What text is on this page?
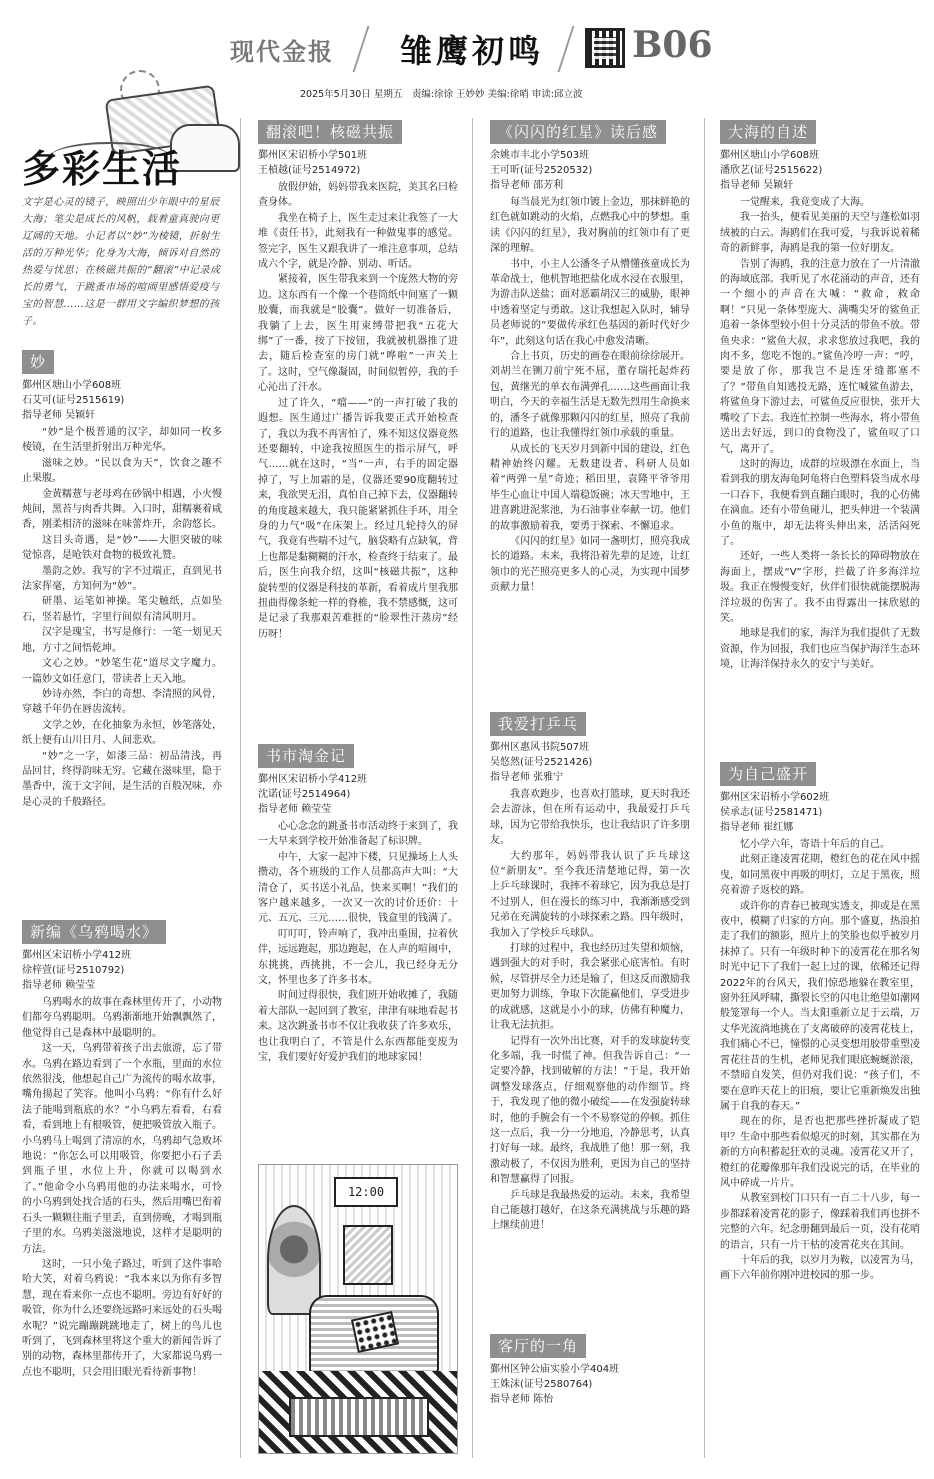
现代金报 雏鹰初鸣 B06
2025年5月30日 星期五　责编:徐徐 王妙妙 美编:徐哨 审读:邱立波
多彩生活
文字是心灵的镜子，映照出少年眼中的星辰大海；笔尖是成长的风帆，载着童真驶向更辽阔的天地。小记者以“妙”为棱镜，折射生活的万种光华；化身为大海，倾诉对自然的热爱与忧思；在核磁共振的“翻滚”中记录成长的勇气，于跳蚤市场的喧闹里感悟爱疫与宝的智慧……这是一群用文字编织梦想的孩子。
妙
鄞州区塘山小学608班
石艾可(证号2515619)
指导老师 吴颖轩

“妙”是个极普通的汉字，却如同一枚多棱镜，在生活里折射出万种光华。

滋味之妙。“民以食为天”，饮食之趣不止果腹。

金黄糯薏与老母鸡在砂锅中相遇，小火慢炖间，黑苔与肉香共舞。入口时，甜糯裹着咸香，刚柔相济的滋味在味蕾炸开，余韵悠长。

这目头奇遇，是“妙”——大胆突破的味觉惊喜，是呛铁对食物的极致礼赞。

墨韵之妙。我写的字不过端正，直到见书法家挥毫，方知何为“妙”。

研墨、运笔如神操。笔尖触纸，点如坠石，竖若悬竹，字里行间似有清风明月。

汉字是瑰宝，书写是修行：一笔一划见天地，方寸之间悟乾坤。

文心之妙。“妙笔生花”道尽文字魔力。一篇妙文如任意门，带读者上天入地。

妙诗亦然，李白的奇想、李清照的风骨，穿越千年仍在唇齿流转。

文学之妙，在化抽象为永恒，妙笔落处，纸上便有山川日月、人间悲欢。

“妙”之一字，如漆三品：初品清浅，再品回甘，终得韵味无穷。它藏在滋味里，隐于墨香中，流于文字间，是生活的百般况味，亦是心灵的千般路径。

新编《乌鸦喝水》
鄞州区宋诏桥小学412班
徐梓萱(证号2510792)
指导老师 赖莹莹

乌鸦喝水的故事在森林里传开了，小动物们都夸乌鸦聪明。乌鸦渐渐地开始飘飘然了，他觉得自己是森林中最聪明的。

这一天，乌鸦带着孩子出去旅游，忘了带水。乌鸦在路边看到了一个水瓶，里面的水位依然很浅，他想起自己广为流传的喝水故事，嘴角揚起了笑容。他叫小乌鸦：“你有什么好法子能喝到瓶底的水？”小乌鸦左看看，右看看，看到地上有根吸管，便把吸管放入瓶子。小乌鸦马上喝到了清凉的水，乌鸦却气急败坏地说：“你怎么可以用吸管，你要把小石子丢到瓶子里，水位上升，你就可以喝到水了。”他命令小乌鸦用他的办法来喝水，可怜的小乌鸦到处找合适的石头，然后用嘴巴衔着石头一颗颗往瓶子里丢，直到傍晚，才喝到瓶子里的水。乌鸦美滋滋地说，这样才是聪明的方法。

这时，一只小兔子路过，听到了这件事哈哈大笑，对着乌鸦说：“我本来以为你有多智慧，现在看来你一点也不聪明。旁边有好好的吸管，你为什么还要绕远路叼来远处的石头喝水呢？”说完蹦蹦跳跳地走了，树上的鸟儿也听到了，飞到森林里将这个重大的新闻告诉了别的动物，森林里都传开了，大家都说乌鸦一点也不聪明，只会用旧眼光看待新事物！

翻滚吧！核磁共振
鄞州区宋诏桥小学501班
王楨越(证号2514972)

放假伊始，妈妈带我来医院，美其名曰检查身体。

我坐在椅子上，医生走过来让我签了一大堆《责任书》，此刻我有一种做鬼事的感觉。签完字，医生又跟我讲了一堆注意事项，总结成六个字，就是冷静、别动、听话。

紧接着，医生带我来到一个庞然大物的旁边。这东西有一个像一个巷筒纸中间塞了一颗胶囊，而我就是“胶囊”。做好一切准备后，我躺了上去，医生用束缚带把我“五花大绑”了一番，按了下按钮，我就被机器推了进去，随后检查室的房门就“哗啦”一声关上了。这时，空气像凝固，时间似暂停，我的手心沁出了汗水。

过了许久，“噹——”的一声打破了我的遐想。医生通过广播告诉我要正式开始检查了，我以为我不再害怕了，殊不知这仪器竟然还要翻转，中途我按照医生的指示屏气，呼气……就在这时，“当”一声，右手的固定器掉了，写上加霜的是，仪器还要90度翻转过来，我欲哭无泪，真怕自己掉下去，仪器翻转的角度越来越大，我只能紧紧抓住手环，用全身的力气“吸”在床架上。经过几轮持久的屏气，我竟有些喘不过气，脑袋略有点缺氧，背上也都是黏糊糊的汗水，检查终于结束了。最后，医生向我介绍，这叫“核磁共振”，这种旋转型的仪器是科技的革新，看着成片里我那扭曲得像条蛇一样的脊椎，我不禁感慨，这可是记录了我那艰苦难捱的“脸翠性汗蒸房”经历呀！

书市淘金记
鄞州区宋诏桥小学412班
沈诺(证号2514964)
指导老师 赖莹莹

心心念念的跳蚤书市活动终于来到了，我一大早来到学校开始准备起了标识牌。

中午，大家一起冲下楼，只见操场上人头攒动，各个班级的工作人员都高声大叫：“大清仓了，买书送小礼品，快来买啊！”我们的客户越来越多，一次又一次的讨价还价：十元、五元、三元……很快，钱盒里的钱满了。

叮叮叮，铃声响了，我冲出重围，拉着伙伴，远远跑起，那边跑起，在人声的喧闹中，东挑挑，西挑挑，不一会儿，我已经身无分文，怀里也多了许多书本。

时间过得很快，我们班开始收摊了，我随着大部队一起回到了教室，津津有味地看起书来。这次跳蚤书市不仅让我收获了许多欢乐，也让我明白了，不管是什么东西都能变废为宝，我们要好好爱护我们的地球家园！

12:00
《闪闪的红星》读后感
余姚市丰北小学503班
王可昕(证号2520532)
指导老师 邵芳利

每当晨光为红领巾镀上金边，那抹鲜艳的红色就如跳动的火焰，点燃我心中的梦想。重读《闪闪的红星》，我对胸前的红领巾有了更深的理解。

书中，小主人公潘冬子从懵懂孩童成长为革命战士，他机智地把盐化成水浸在衣服里，为游击队送盐；面对恶霸胡汉三的威胁，眼神中透着坚定与勇敢。这让我想起入队时，辅导员老师说的“要做传承红色基因的新时代好少年”，此刻这句话在我心中愈发清晰。

合上书页，历史的画卷在眼前徐徐展开。刘胡兰在铡刀前宁死不屈，董存瑞托起炸药包，黄继光的单衣布满弹孔……这些画面让我明白，今天的幸福生活是无数先烈用生命换来的，潘冬子就像那颗闪闪的红星，照亮了我前行的道路，也让我懂得红领巾承载的重量。

从成长的飞天岁月到新中国的建设，红色精神始终闪耀。无数建设者、科研人员如着“两弹一星”奇迹；稻田里，袁隆平爷爷用毕生心血让中国人端稳饭碗；冰天雪地中，王进喜跳进泥浆池，为石油事业奉献一切。他们的故事激励着我，要勇于探索、不懈追求。

《闪闪的红星》如同一盏明灯，照亮我成长的道路。未来，我将沿着先辈的足迹，让红领巾的光芒照亮更多人的心灵，为实现中国梦贡献力量！

我爱打乒乓
鄞州区惠风书院507班
吴悠然(证号2521426)
指导老师 张雅宁

我喜欢跑步，也喜欢打篮球，夏天时我还会去游泳，但在所有运动中，我最爱打乒乓球，因为它带给我快乐，也让我结识了许多朋友。

大约那年，妈妈带我认识了乒乓球这位“新朋友”。至今我还清楚地记得，第一次上乒乓球课时，我摔不着球它，因为我总是打不过别人，但在漫长的练习中，我渐渐感受到兄弟在充满旋转的小球探索之路。四年级时，我加入了学校乒乓球队。

打球的过程中，我也经历过失望和烦恼，遇到强大的对手时，我会紧张心底害怕。有时候，尽管拼尽全力还是输了，但这反而激励我更加努力训练，争取下次能赢他们，享受进步的成就感，这就是小小的球，仿佛有种魔力，让我无法抗拒。

记得有一次外出比赛，对手的发球旋转变化多端，我一时慌了神。但我告诉自己：“一定要冷静，找到破解的方法！”于是，我开始调整发球落点，仔细观察他的动作细节。终于，我发现了他的微小破绽——在发强旋转球时，他的手腕会有一个不易察觉的停顿。抓住这一点后，我一分一分地追，冷静思考，认真打好每一球。最终，我战胜了他！那一刻，我激动极了，不仅因为胜利，更因为自己的坚持和智慧赢得了回报。

乒乓球是我最热爱的运动。未来，我希望自己能越打越好，在这条充满挑战与乐趣的路上继续前进！

客厅的一角
鄞州区钟公庙实验小学404班
王姝沫(证号2580764)
指导老师 陈怡
大海的自述
鄞州区塘山小学608班
潘欣艺(证号2515622)
指导老师 吴颖轩

一觉醒来，我竟变成了大海。

我一抬头，便看见美丽的天空与蓬松如羽绒被的白云。海鸥们在我可爱，与我诉说着稀奇的新鲜事，海鸥是我的第一位好朋友。

告别了海鸥，我的注意力放在了一片清澈的海域底部。我听见了水花涌动的声音，还有一个细小的声音在大喊：“救命，救命啊！”只见一条体型庞大、满嘴尖牙的鲨鱼正追着一条体型较小但十分灵活的带鱼不放。带鱼央求：“鲨鱼大叔，求求您放过我吧，我的肉不多，您吃不饱的。”鲨鱼冷哼一声：“哼，要是放了你，那我岂不是连牙缝都塞不了？”带鱼自知逃投无路，连忙喊鲨鱼游去，将鲨鱼身下游过去，可鲨鱼反应很快，张开大嘴咬了下去。我连忙控制一些海水，将小带鱼送出去好远，到口的食物没了，鲨鱼叹了口气，离开了。

这时的海边，成群的垃圾漂在水面上，当看到我的朋友海龟阿龟将白色塑料袋当成水母一口吞下，我便看到直翻白眼时，我的心仿佛在滴血。还有小带鱼碰儿，把头伸进一个装满小鱼的瓶中，却无法将头伸出来，活活闷死了。

还好，一些人类将一条长长的障碍物放在海面上，摆成“V”字形，拦截了许多海洋垃圾。我正在慢慢变好，伙伴们很快就能摆脱海洋垃圾的伤害了。我不由得露出一抹欣慰的笑。

地球是我们的家，海洋为我们提供了无数资源，作为回报，我们也应当保护海洋生态环境，让海洋保持永久的安宁与美好。

为自己盛开
鄞州区宋诏桥小学602班
侯承志(证号2581471)
指导老师 崔红娜

忆小学六年，寄语十年后的自己。

此刻正逢凌霄花期，橙红色的花在风中摇曳，如同黑夜中再吸的明灯，立足于黑夜，照亮着游子返校的路。

或许你的青春已被现实透支，抑或是在黑夜中，模糊了归家的方向。那个盛夏，热浪拍走了我们的额影，照片上的笑脸也似乎被岁月抹掉了。只有一年级时种下的凌霄花在那名匆时光中记下了我们一起上过的课，依稀还记得2022年的台风天，我们惊恐地躲在教室里，窗外狂风呼啸，撕裂长空的闪电让绝望如潮网般笼罩每一个人。当太阳重新立足于云端，万丈华光流淌地挑在了支离破碎的凌霄花枝上，我们痛心不已，憧憬的心灵变想用胶带重塑凌霄花往昔的生机，老师见我们眼底蜿蜒淤滚，不禁暗自发笑，但仍对我们说：“孩子们，不要在意昨天花上的旧痕，要让它重新焕发出独属于自我的春天。”

现在的你，是否也把那些挫折凝成了铠甲？生命中那些看似熄灭的时刻，其实都在为新的方向积蓄起狂欢的灵魂。凌霄花又开了，橙红的花瓣像那年我们没说完的话，在毕业的风中碎成一片片。

从教室到校门口只有一百二十八步，每一步都踩着凌霄花的影子，像踩着我们再也拼不完整的六年。纪念册翻到最后一页，没有花哨的语言，只有一片干枯的凌霄花夹在其间。

十年后的我，以岁月为鞍，以凌霄为马，画下六年前你刚冲进校园的那一步。
